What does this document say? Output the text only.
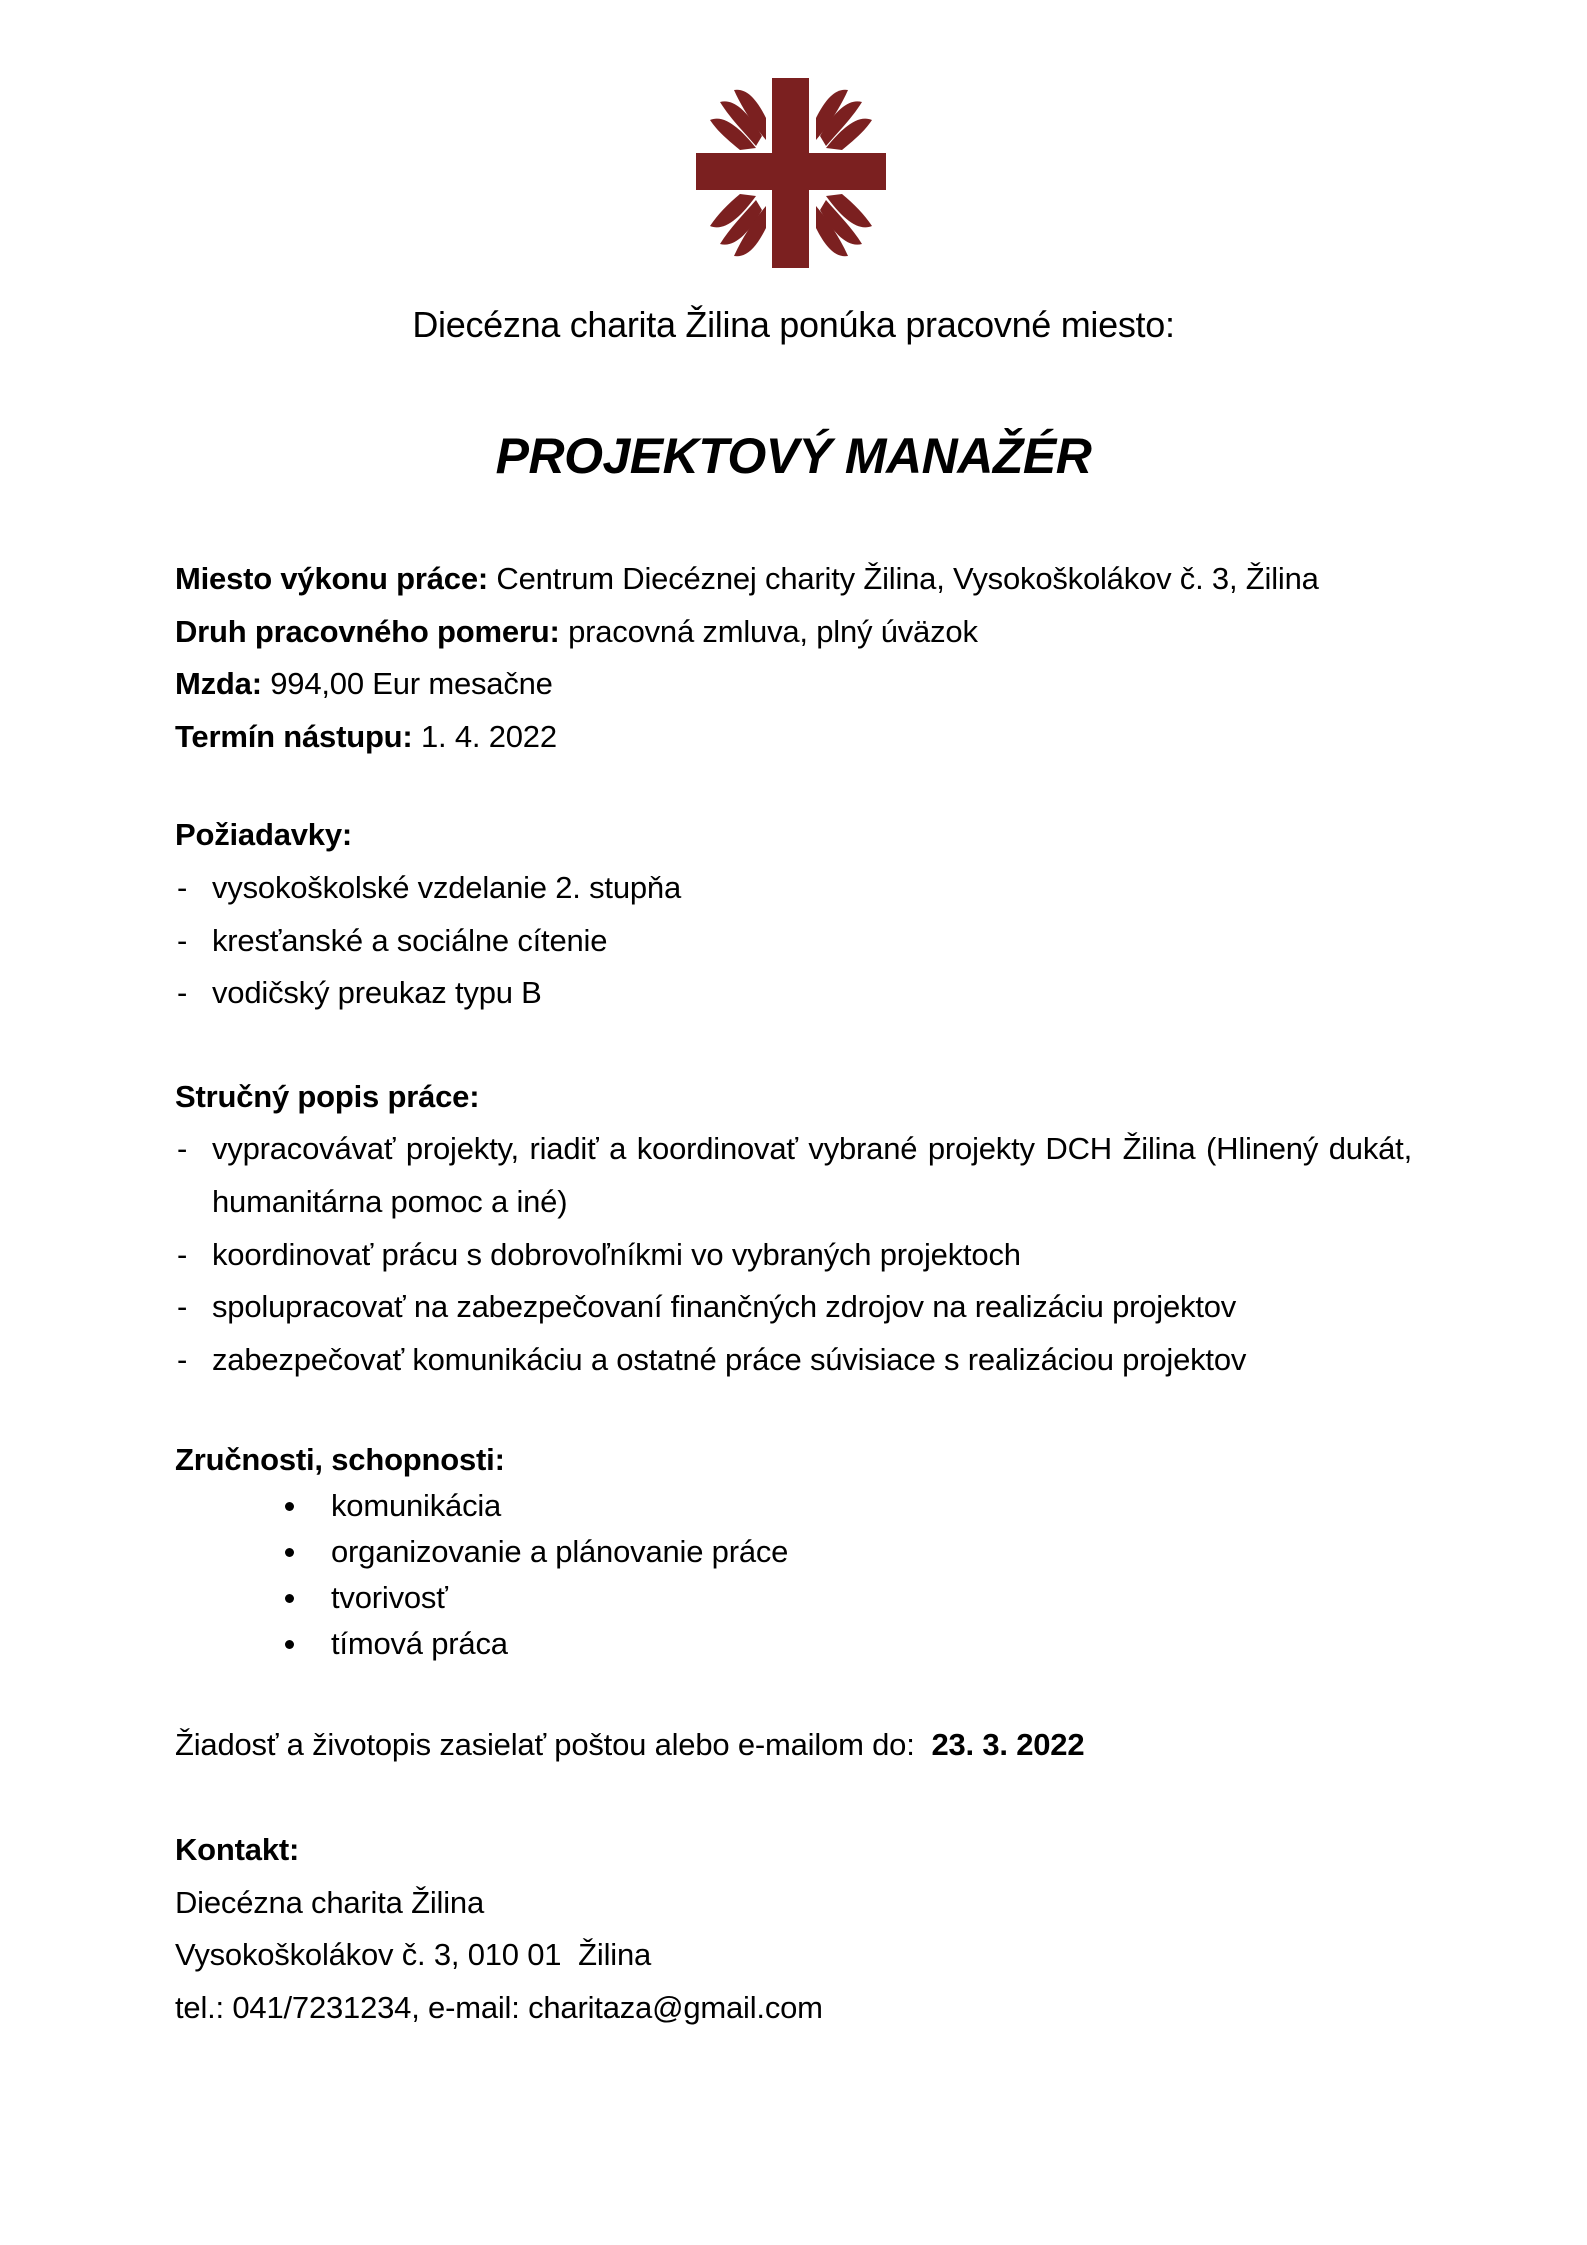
Diecézna charita Žilina ponúka pracovné miesto:
PROJEKTOVÝ MANAŽÉR

Miesto výkonu práce: Centrum Diecéznej charity Žilina, Vysokoškolákov č. 3, Žilina

Druh pracovného pomeru: pracovná zmluva, plný úväzok

Mzda: 994,00 Eur mesačne

Termín nástupu: 1. 4. 2022

Požiadavky:

- vysokoškolské vzdelanie 2. stupňa
- kresťanské a sociálne cítenie
- vodičský preukaz typu B

Stručný popis práce:

- vypracovávať projekty, riadiť a koordinovať vybrané projekty DCH Žilina (Hlinený dukát, humanitárna pomoc a iné)
- koordinovať prácu s dobrovoľníkmi vo vybraných projektoch
- spolupracovať na zabezpečovaní finančných zdrojov na realizáciu projektov
- zabezpečovať komunikáciu a ostatné práce súvisiace s realizáciou projektov

Zručnosti, schopnosti:

komunikácia
organizovanie a plánovanie práce
tvorivosť
tímová práca

Žiadosť a životopis zasielať poštou alebo e-mailom do: 23. 3. 2022

Kontakt:

Diecézna charita Žilina

Vysokoškolákov č. 3, 010 01  Žilina

tel.: 041/7231234, e-mail: charitaza@gmail.com
